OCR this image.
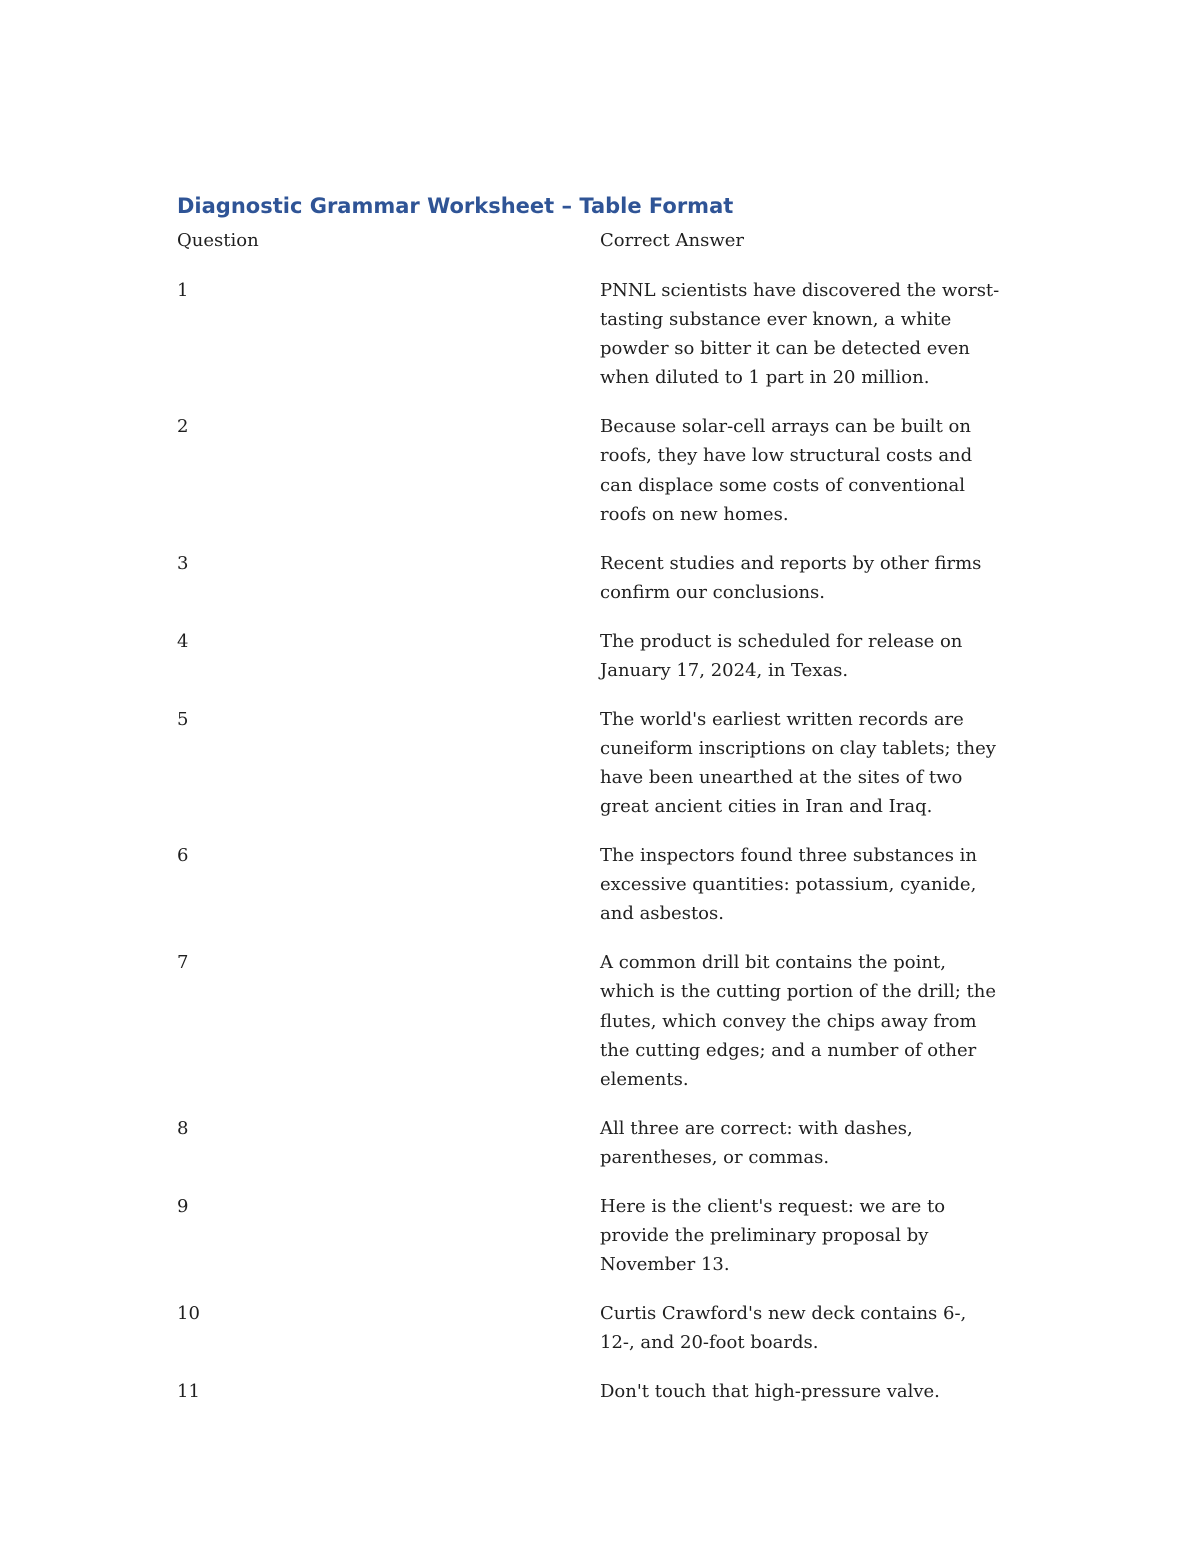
Diagnostic Grammar Worksheet – Table Format
Question	Correct Answer
1	PNNL scientists have discovered the worst-tasting substance ever known, a white powder so bitter it can be detected even when diluted to 1 part in 20 million.
2	Because solar-cell arrays can be built on roofs, they have low structural costs and can displace some costs of conventional roofs on new homes.
3	Recent studies and reports by other firms confirm our conclusions.
4	The product is scheduled for release on January 17, 2024, in Texas.
5	The world's earliest written records are cuneiform inscriptions on clay tablets; they have been unearthed at the sites of two great ancient cities in Iran and Iraq.
6	The inspectors found three substances in excessive quantities: potassium, cyanide, and asbestos.
7	A common drill bit contains the point, which is the cutting portion of the drill; the flutes, which convey the chips away from the cutting edges; and a number of other elements.
8	All three are correct: with dashes, parentheses, or commas.
9	Here is the client's request: we are to provide the preliminary proposal by November 13.
10	Curtis Crawford's new deck contains 6-, 12-, and 20-foot boards.
11	Don't touch that high-pressure valve.
